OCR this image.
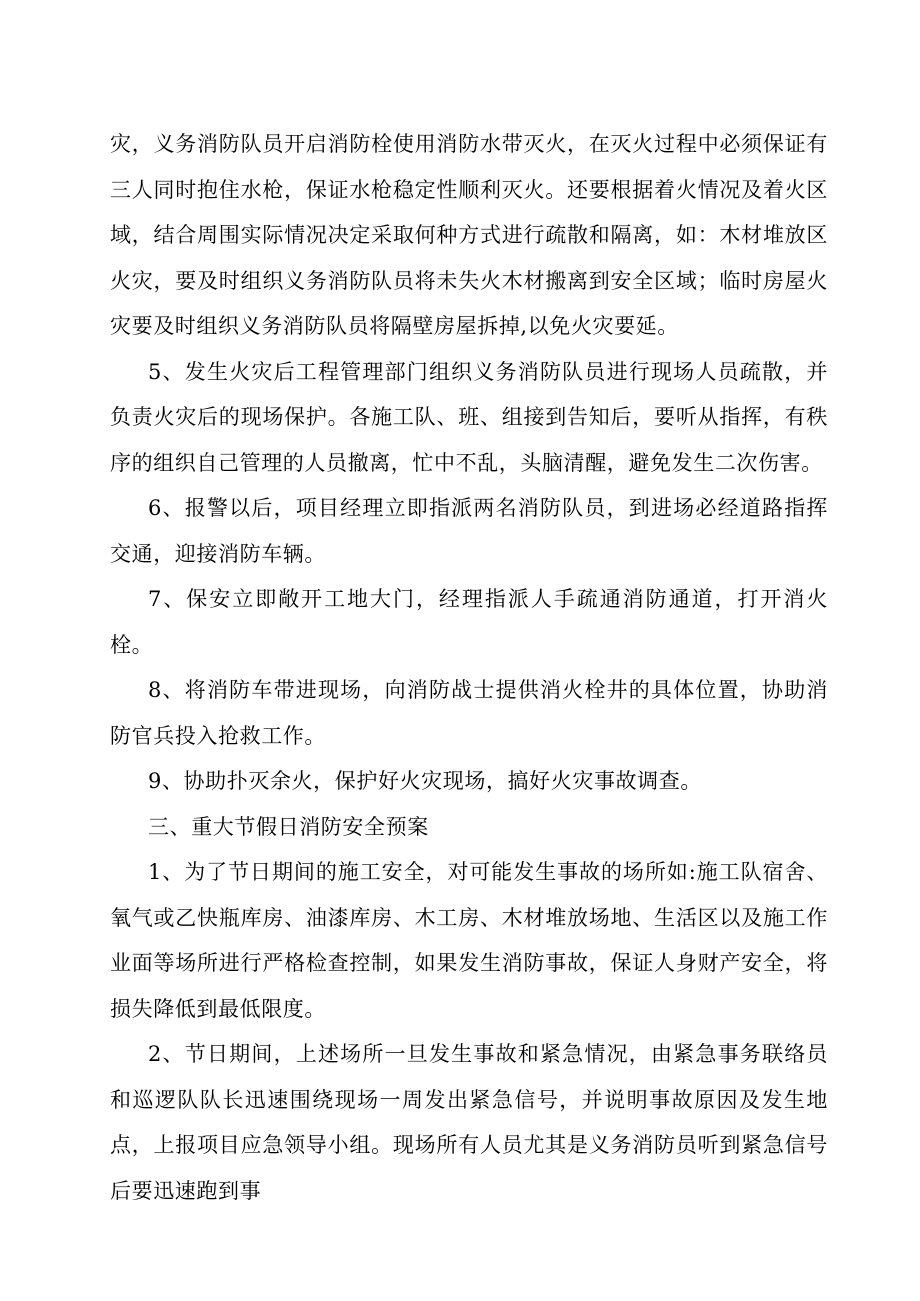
灾，义务消防队员开启消防栓使用消防水带灭火，在灭火过程中必须保证有三人同时抱住水枪，保证水枪稳定性顺利灭火。还要根据着火情况及着火区域，结合周围实际情况决定采取何种方式进行疏散和隔离，如：木材堆放区火灾，要及时组织义务消防队员将未失火木材搬离到安全区域；临时房屋火灾要及时组织义务消防队员将隔壁房屋拆掉,以免火灾要延。

5、发生火灾后工程管理部门组织义务消防队员进行现场人员疏散，并负责火灾后的现场保护。各施工队、班、组接到告知后，要听从指挥，有秩序的组织自己管理的人员撤离，忙中不乱，头脑清醒，避免发生二次伤害。

6、报警以后，项目经理立即指派两名消防队员，到进场必经道路指挥交通，迎接消防车辆。

7、保安立即敞开工地大门，经理指派人手疏通消防通道，打开消火栓。

8、将消防车带进现场，向消防战士提供消火栓井的具体位置，协助消防官兵投入抢救工作。

9、协助扑灭余火，保护好火灾现场，搞好火灾事故调查。

三、重大节假日消防安全预案

1、为了节日期间的施工安全，对可能发生事故的场所如:施工队宿舍、氧气或乙快瓶库房、油漆库房、木工房、木材堆放场地、生活区以及施工作业面等场所进行严格检查控制，如果发生消防事故，保证人身财产安全，将损失降低到最低限度。

2、节日期间，上述场所一旦发生事故和紧急情况，由紧急事务联络员和巡逻队队长迅速围绕现场一周发出紧急信号，并说明事故原因及发生地点，上报项目应急领导小组。现场所有人员尤其是义务消防员听到紧急信号后要迅速跑到事
